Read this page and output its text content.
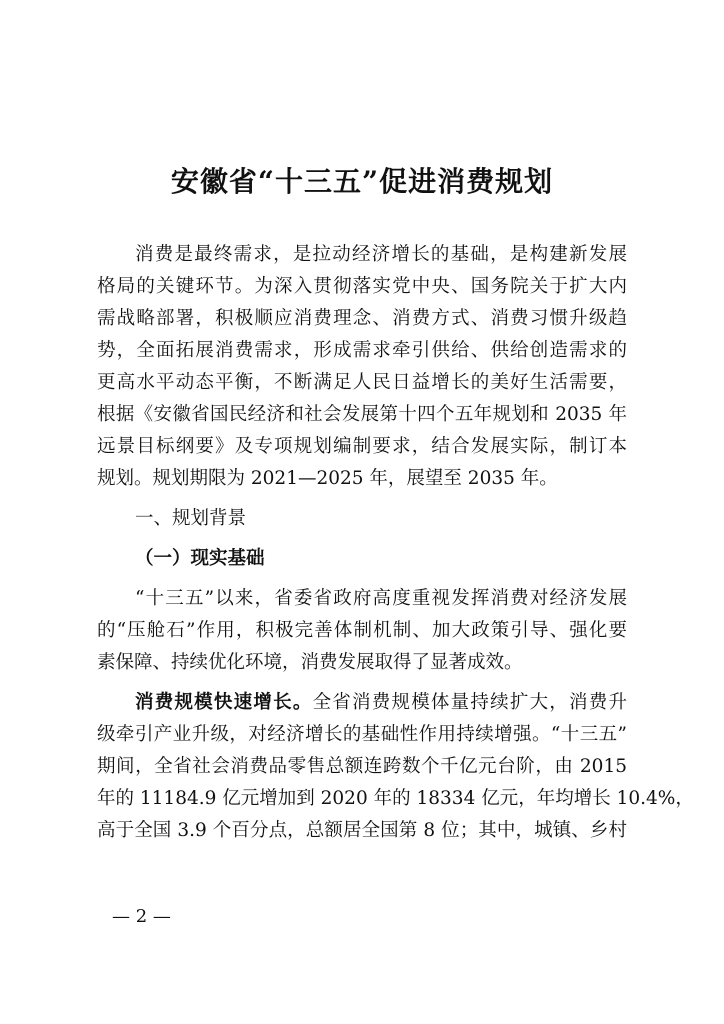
安徽省“十三五”促进消费规划
消费是最终需求，是拉动经济增长的基础，是构建新发展
格局的关键环节。为深入贯彻落实党中央、国务院关于扩大内
需战略部署，积极顺应消费理念、消费方式、消费习惯升级趋
势，全面拓展消费需求，形成需求牵引供给、供给创造需求的
更高水平动态平衡，不断满足人民日益增长的美好生活需要，
根据《安徽省国民经济和社会发展第十四个五年规划和 2035 年
远景目标纲要》及专项规划编制要求，结合发展实际，制订本
规划。规划期限为 2021—2025 年，展望至 2035 年。
一、规划背景
（一）现实基础
“十三五”以来，省委省政府高度重视发挥消费对经济发展
的“压舱石”作用，积极完善体制机制、加大政策引导、强化要
素保障、持续优化环境，消费发展取得了显著成效。
消费规模快速增长。全省消费规模体量持续扩大，消费升
级牵引产业升级，对经济增长的基础性作用持续增强。“十三五”
期间，全省社会消费品零售总额连跨数个千亿元台阶，由 2015
年的 11184.9 亿元增加到 2020 年的 18334 亿元，年均增长 10.4%，
高于全国 3.9 个百分点，总额居全国第 8 位；其中，城镇、乡村
— 2 —
